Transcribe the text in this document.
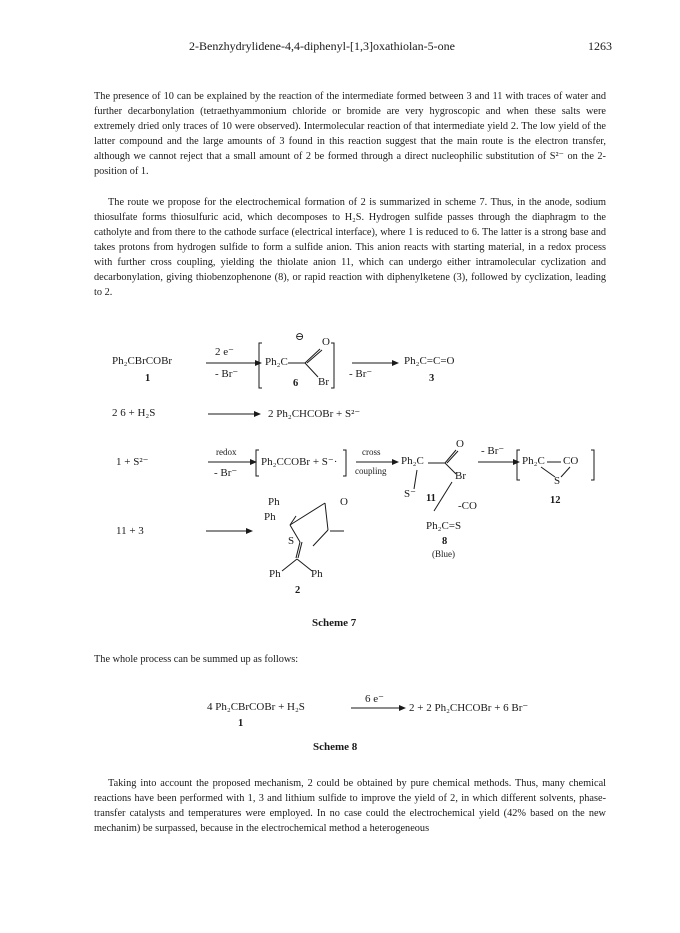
2-Benzhydrylidene-4,4-diphenyl-[1,3]oxathiolan-5-one	1263

The presence of 10 can be explained by the reaction of the intermediate formed between 3 and 11 with traces of water and further decarbonylation (tetraethyammonium chloride or bromide are very hygroscopic and when these salts were extremely dried only traces of 10 were observed). Intermolecular reaction of that intermediate yield 2. The low yield of the latter compound and the large amounts of 3 found in this reaction suggest that the main route is the electron transfer, although we cannot reject that a small amount of 2 be formed through a direct nucleophilic substitution of S²⁻ on the 2-position of 1.

The route we propose for the electrochemical formation of 2 is summarized in scheme 7. Thus, in the anode, sodium thiosulfate forms thiosulfuric acid, which decomposes to H₂S. Hydrogen sulfide passes through the diaphragm to the catholyte and from there to the cathode surface (electrical interface), where 1 is reduced to 6. The latter is a strong base and takes protons from hydrogen sulfide to form a sulfide anion. This anion reacts with starting material, in a redox process with further cross coupling, yielding the thiolate anion 11, which can undergo either intramolecular cyclization and decarbonylation, giving thiobenzophenone (8), or rapid reaction with diphenylketene (3), followed by cyclization, leading to 2.

Ph₂CBrCOBr
1
2 e⁻
- Br⁻
⊖
Ph₂C
O
Br
6
- Br⁻
Ph₂C=C=O
3
2 6 + H₂S	2 Ph₂CHCOBr + S²⁻
1 + S²⁻
redox
- Br⁻
Ph₂CCOBr + S⁻·
cross
coupling
Ph₂C
O
Br
S⁻ 11
- Br⁻
-CO
Ph₂C CO
S
12
11 + 3
Ph
Ph
O
S
Ph	Ph
2
Ph₂C=S
8
(Blue)
Scheme 7

The whole process can be summed up as follows:

4 Ph₂CBrCOBr + H₂S
6 e⁻
2 + 2 Ph₂CHCOBr + 6 Br⁻
1
Scheme 8

Taking into account the proposed mechanism, 2 could be obtained by pure chemical methods. Thus, many chemical reactions have been performed with 1, 3 and lithium sulfide to improve the yield of 2, in which different solvents, phase-transfer catalysts and temperatures were employed. In no case could the electrochemical yield (42% based on the new mechanim) be surpassed, because in the electrochemical method a heterogeneous
